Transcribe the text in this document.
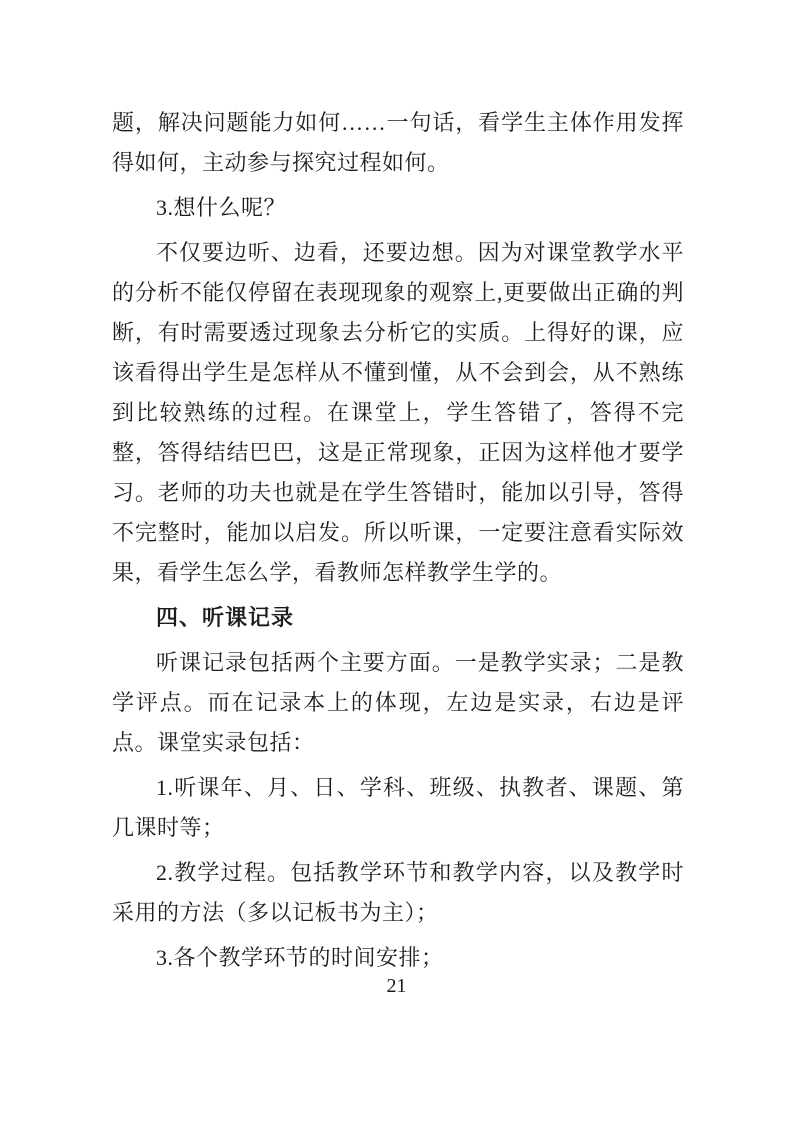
题，解决问题能力如何……一句话，看学生主体作用发挥得如何，主动参与探究过程如何。

3.想什么呢？

不仅要边听、边看，还要边想。因为对课堂教学水平的分析不能仅停留在表现现象的观察上,更要做出正确的判断，有时需要透过现象去分析它的实质。上得好的课，应该看得出学生是怎样从不懂到懂，从不会到会，从不熟练到比较熟练的过程。在课堂上，学生答错了，答得不完整，答得结结巴巴，这是正常现象，正因为这样他才要学习。老师的功夫也就是在学生答错时，能加以引导，答得不完整时，能加以启发。所以听课，一定要注意看实际效果，看学生怎么学，看教师怎样教学生学的。

四、听课记录

听课记录包括两个主要方面。一是教学实录；二是教学评点。而在记录本上的体现，左边是实录，右边是评点。课堂实录包括：

1.听课年、月、日、学科、班级、执教者、课题、第几课时等；

2.教学过程。包括教学环节和教学内容，以及教学时采用的方法（多以记板书为主）；

3.各个教学环节的时间安排；

21
